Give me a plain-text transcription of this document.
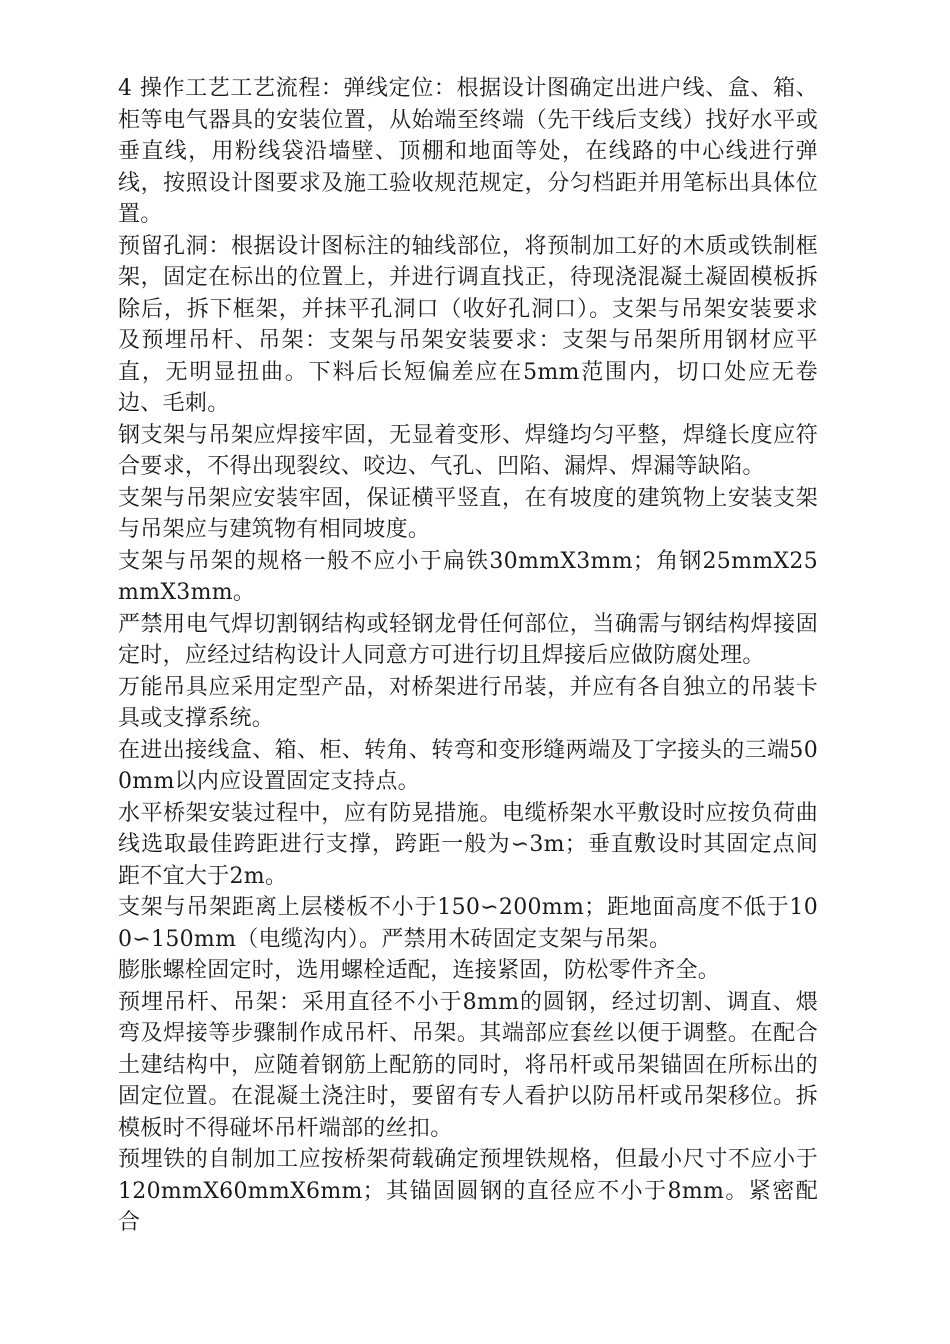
4 操作工艺工艺流程：弹线定位：根据设计图确定出进户线、盒、箱、柜等电气器具的安装位置，从始端至终端（先干线后支线）找好水平或垂直线，用粉线袋沿墙壁、顶棚和地面等处，在线路的中心线进行弹线，按照设计图要求及施工验收规范规定，分匀档距并用笔标出具体位置。

预留孔洞：根据设计图标注的轴线部位，将预制加工好的木质或铁制框架，固定在标出的位置上，并进行调直找正，待现浇混凝土凝固模板拆除后，拆下框架，并抹平孔洞口（收好孔洞口）。支架与吊架安装要求及预埋吊杆、吊架：支架与吊架安装要求：支架与吊架所用钢材应平直，无明显扭曲。下料后长短偏差应在5mm范围内，切口处应无卷边、毛刺。

钢支架与吊架应焊接牢固，无显着变形、焊缝均匀平整，焊缝长度应符合要求，不得出现裂纹、咬边、气孔、凹陷、漏焊、焊漏等缺陷。

支架与吊架应安装牢固，保证横平竖直，在有坡度的建筑物上安装支架与吊架应与建筑物有相同坡度。

支架与吊架的规格一般不应小于扁铁30mmX3mm；角钢25mmX25mmX3mm。

严禁用电气焊切割钢结构或轻钢龙骨任何部位，当确需与钢结构焊接固定时，应经过结构设计人同意方可进行切且焊接后应做防腐处理。

万能吊具应采用定型产品，对桥架进行吊装，并应有各自独立的吊装卡具或支撑系统。

在进出接线盒、箱、柜、转角、转弯和变形缝两端及丁字接头的三端500mm以内应设置固定支持点。

水平桥架安装过程中，应有防晃措施。电缆桥架水平敷设时应按负荷曲线选取最佳跨距进行支撑，跨距一般为∽3m；垂直敷设时其固定点间距不宜大于2m。

支架与吊架距离上层楼板不小于150∽200mm；距地面高度不低于100∽150mm（电缆沟内）。严禁用木砖固定支架与吊架。

膨胀螺栓固定时，选用螺栓适配，连接紧固，防松零件齐全。

预埋吊杆、吊架：采用直径不小于8mm的圆钢，经过切割、调直、煨弯及焊接等步骤制作成吊杆、吊架。其端部应套丝以便于调整。在配合土建结构中，应随着钢筋上配筋的同时，将吊杆或吊架锚固在所标出的固定位置。在混凝土浇注时，要留有专人看护以防吊杆或吊架移位。拆模板时不得碰坏吊杆端部的丝扣。

预埋铁的自制加工应按桥架荷载确定预埋铁规格，但最小尺寸不应小于120mmX60mmX6mm；其锚固圆钢的直径应不小于8mm。紧密配合
